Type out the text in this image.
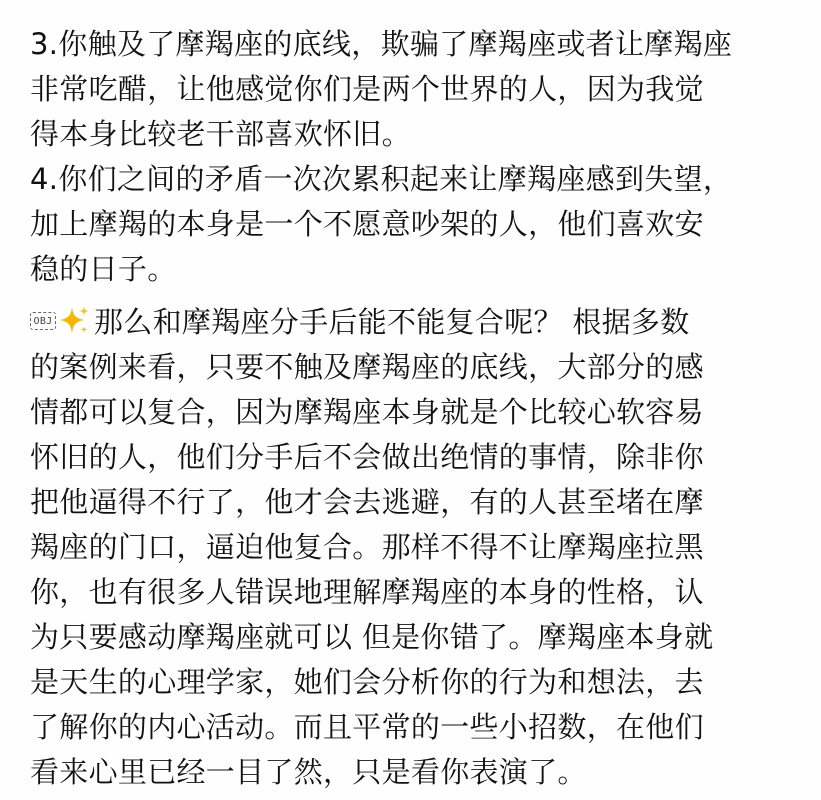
3.你触及了摩羯座的底线，欺骗了摩羯座或者让摩羯座
非常吃醋，让他感觉你们是两个世界的人，因为我觉
得本身比较老干部喜欢怀旧。

4.你们之间的矛盾一次次累积起来让摩羯座感到失望，
加上摩羯的本身是一个不愿意吵架的人，他们喜欢安
稳的日子。

OBJ 那么和摩羯座分手后能不能复合呢？ 根据多数
的案例来看，只要不触及摩羯座的底线，大部分的感
情都可以复合，因为摩羯座本身就是个比较心软容易
怀旧的人，他们分手后不会做出绝情的事情，除非你
把他逼得不行了，他才会去逃避，有的人甚至堵在摩
羯座的门口，逼迫他复合。那样不得不让摩羯座拉黑
你，也有很多人错误地理解摩羯座的本身的性格，认
为只要感动摩羯座就可以 但是你错了。摩羯座本身就
是天生的心理学家，她们会分析你的行为和想法，去
了解你的内心活动。而且平常的一些小招数，在他们
看来心里已经一目了然，只是看你表演了。
